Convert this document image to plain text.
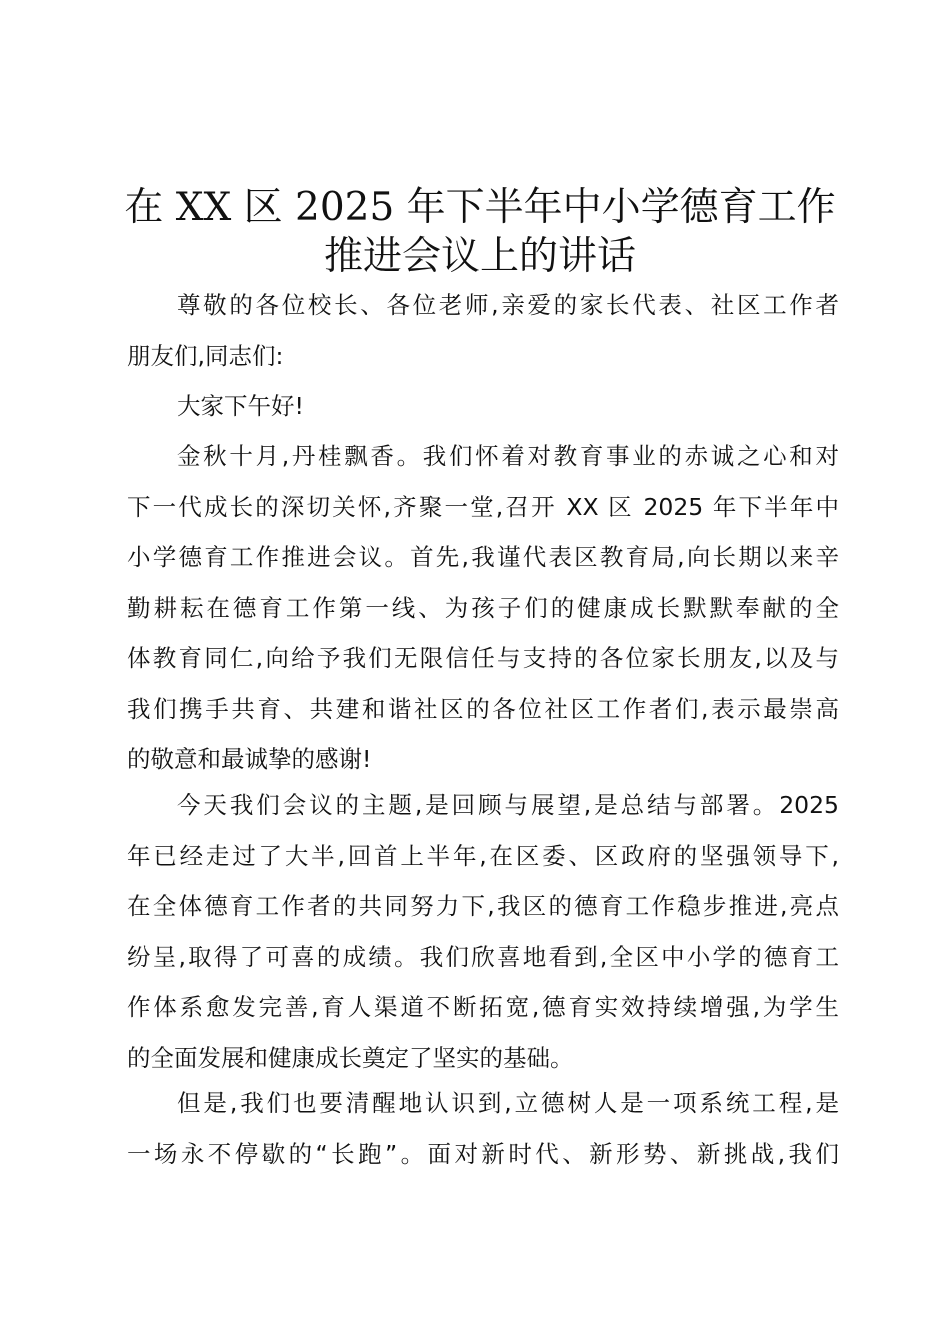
在 XX 区 2025 年下半年中小学德育工作
推进会议上的讲话
尊敬的各位校长、各位老师,亲爱的家长代表、社区工作者
朋友们,同志们:
大家下午好!
金秋十月,丹桂飘香。我们怀着对教育事业的赤诚之心和对
下一代成长的深切关怀,齐聚一堂,召开 XX 区 2025 年下半年中
小学德育工作推进会议。首先,我谨代表区教育局,向长期以来辛
勤耕耘在德育工作第一线、为孩子们的健康成长默默奉献的全
体教育同仁,向给予我们无限信任与支持的各位家长朋友,以及与
我们携手共育、共建和谐社区的各位社区工作者们,表示最崇高
的敬意和最诚挚的感谢!
今天我们会议的主题,是回顾与展望,是总结与部署。2025
年已经走过了大半,回首上半年,在区委、区政府的坚强领导下,
在全体德育工作者的共同努力下,我区的德育工作稳步推进,亮点
纷呈,取得了可喜的成绩。我们欣喜地看到,全区中小学的德育工
作体系愈发完善,育人渠道不断拓宽,德育实效持续增强,为学生
的全面发展和健康成长奠定了坚实的基础。
但是,我们也要清醒地认识到,立德树人是一项系统工程,是
一场永不停歇的“长跑”。面对新时代、新形势、新挑战,我们
